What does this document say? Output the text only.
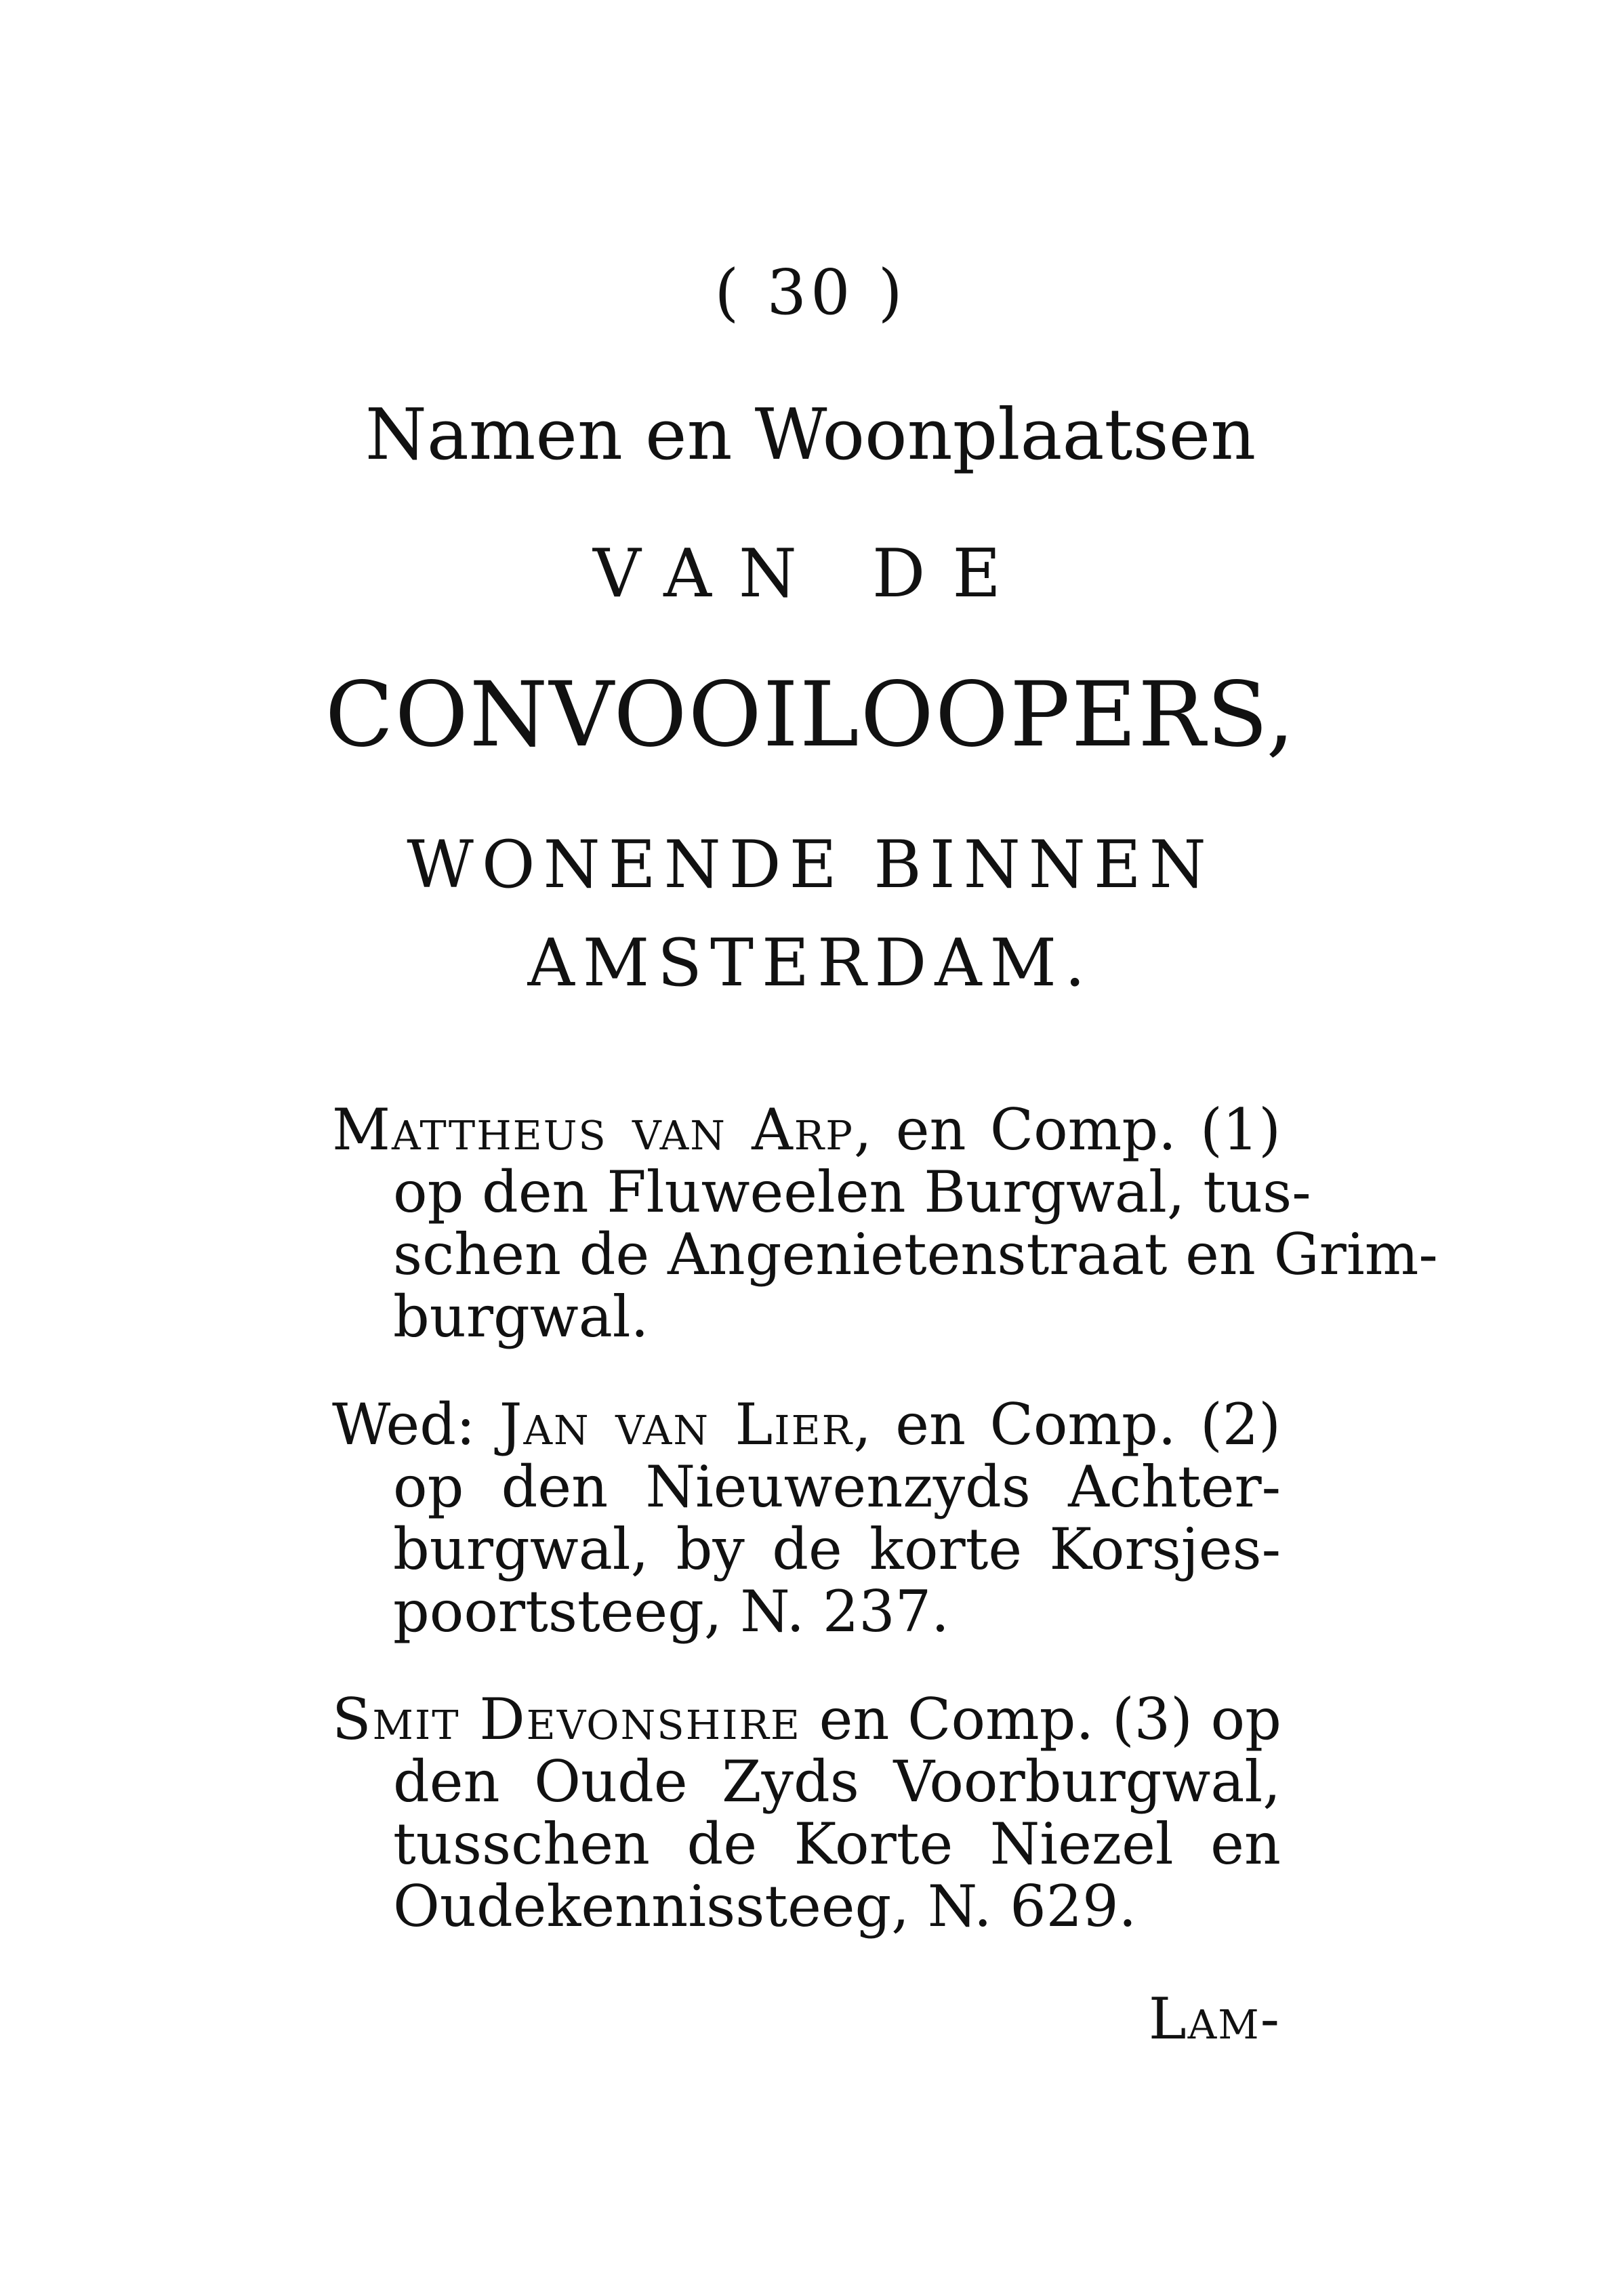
( 30 )
Namen en Woonplaatsen
VAN DE
CONVOOILOOPERS,
WONENDE BINNEN
AMSTERDAM.
Mattheus van Arp, en Comp. (1)
op den Fluweelen Burgwal, tus-
schen de Angenietenstraat en Grim-
burgwal.
Wed: Jan van Lier, en Comp. (2)
op den Nieuwenzyds Achter-
burgwal, by de korte Korsjes-
poortsteeg, N. 237.
Smit Devonshire en Comp. (3) op
den Oude Zyds Voorburgwal,
tusschen de Korte Niezel en
Oudekennissteeg, N. 629.
Lam-
